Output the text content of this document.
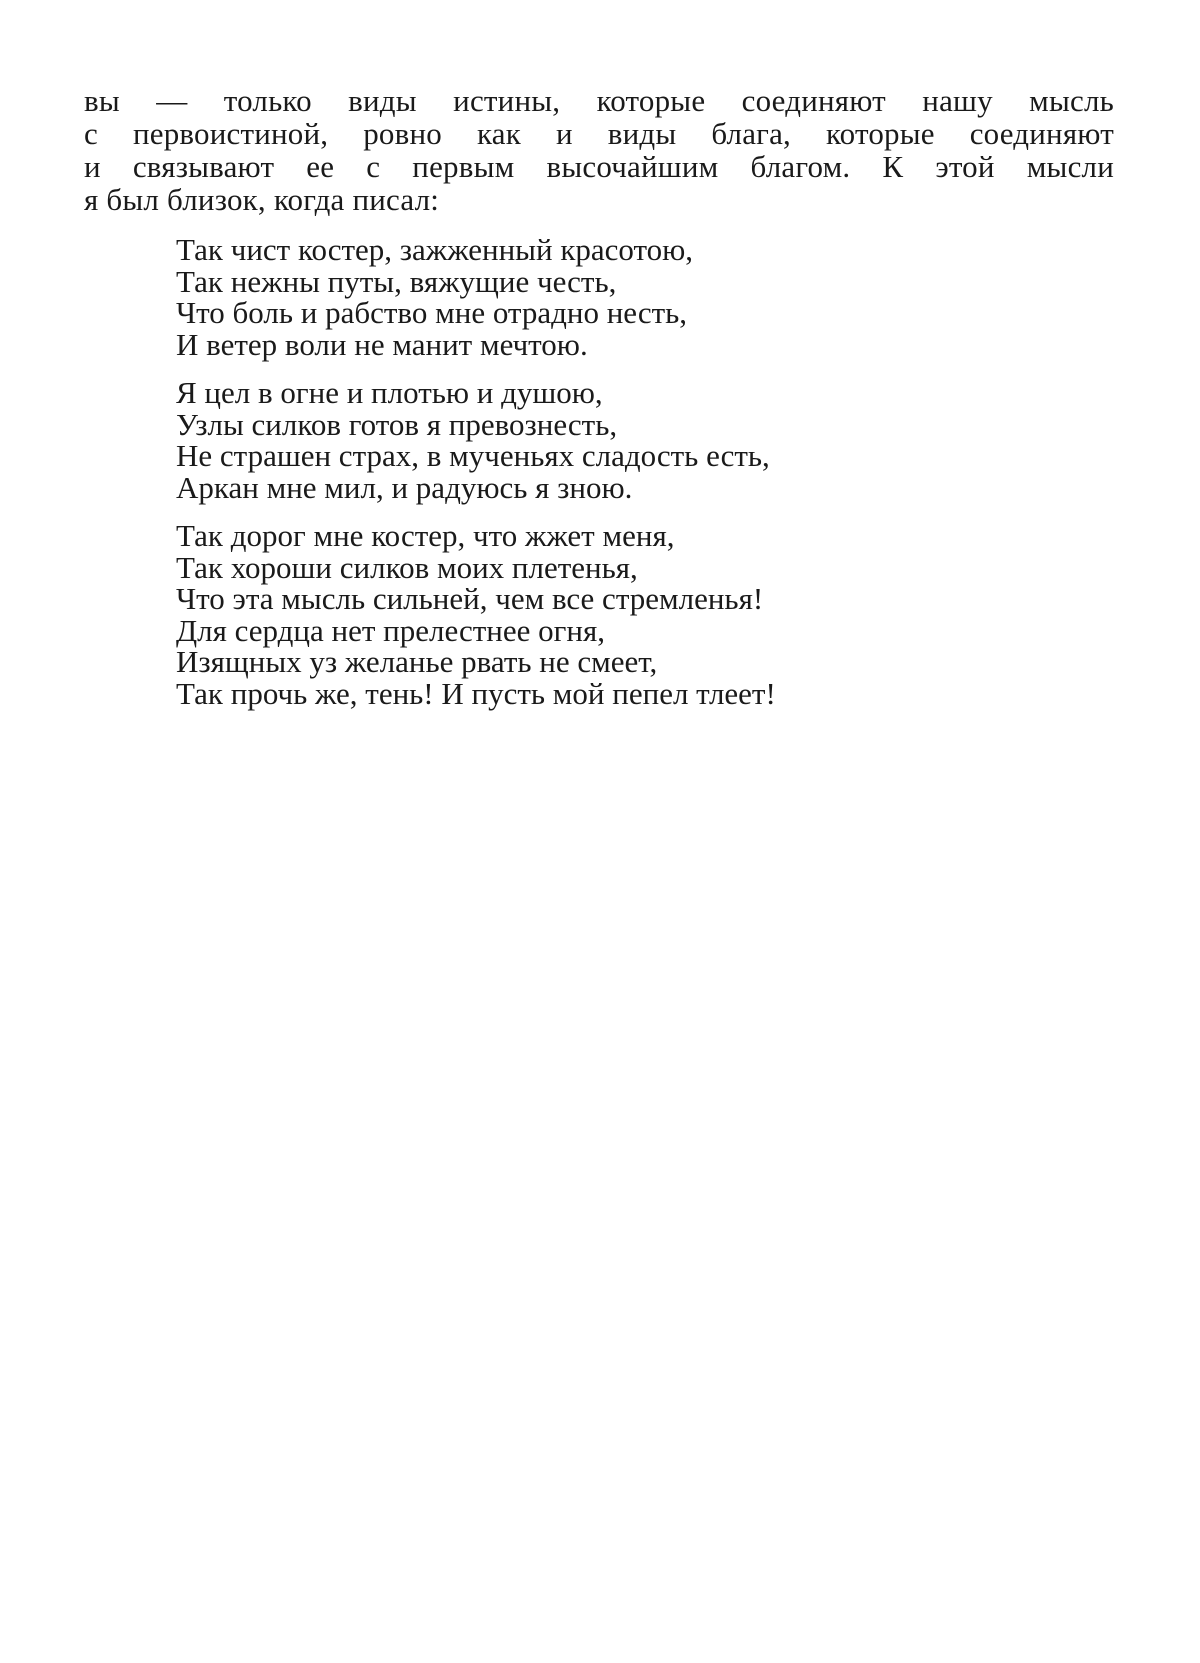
вы — только виды истины, которые соединяют нашу мысль
с первоистиной, ровно как и виды блага, которые соединяют
и связывают ее с первым высочайшим благом. К этой мысли
я был близок, когда писал:
Так чист костер, зажженный красотою,
Так нежны путы, вяжущие честь,
Что боль и рабство мне отрадно несть,
И ветер воли не манит мечтою.
Я цел в огне и плотью и душою,
Узлы силков готов я превознесть,
Не страшен страх, в мученьях сладость есть,
Аркан мне мил, и радуюсь я зною.
Так дорог мне костер, что жжет меня,
Так хороши силков моих плетенья,
Что эта мысль сильней, чем все стремленья!
Для сердца нет прелестнее огня,
Изящных уз желанье рвать не смеет,
Так прочь же, тень! И пусть мой пепел тлеет!
